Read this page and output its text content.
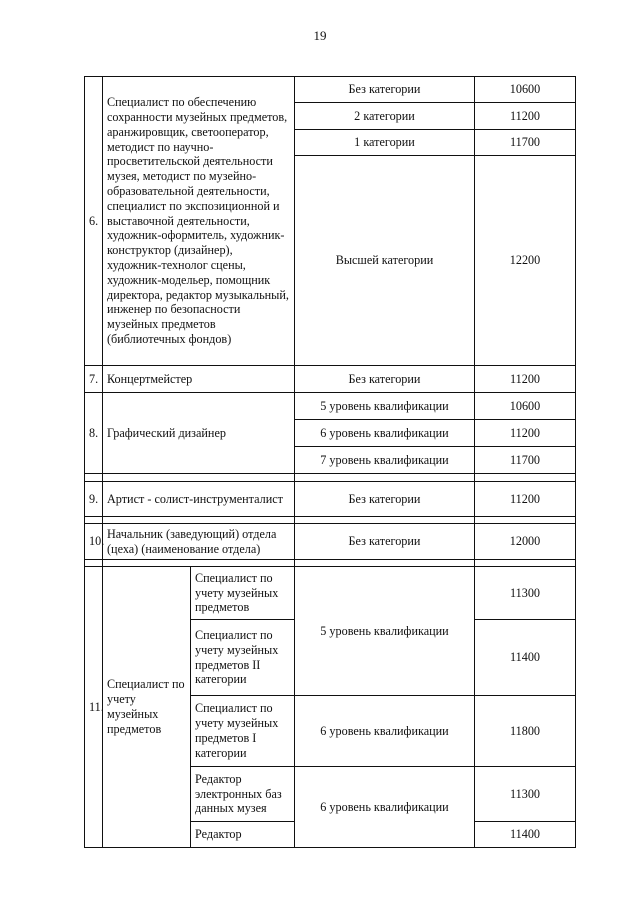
19
6.	Специалист по обеспечению сохранности музейных предметов, аранжировщик, светооператор, методист по научно-просветительской деятельности музея, методист по музейно-образовательной деятельности, специалист по экспозиционной и выставочной деятельности, художник-оформитель, художник-конструктор (дизайнер), художник-технолог сцены, художник-модельер, помощник директора, редактор музыкальный, инженер по безопасности музейных предметов (библиотечных фондов)		Без категории	10600
			2 категории	11200
			1 категории	11700
			Высшей категории	12200
7.	Концертмейстер		Без категории	11200
8.	Графический дизайнер		5 уровень квалификации	10600
			6 уровень квалификации	11200
			7 уровень квалификации	11700

9.	Артист - солист-инструменталист		Без категории	11200

10.	Начальник (заведующий) отдела (цеха) (наименование отдела)		Без категории	12000

11.	Специалист по учету музейных предметов	Специалист по учету музейных предметов	5 уровень квалификации	11300
		Специалист по учету музейных предметов II категории		11400
		Специалист по учету музейных предметов I категории	6 уровень квалификации	11800
		Редактор электронных баз данных музея	6 уровень квалификации	11300
		Редактор		11400
